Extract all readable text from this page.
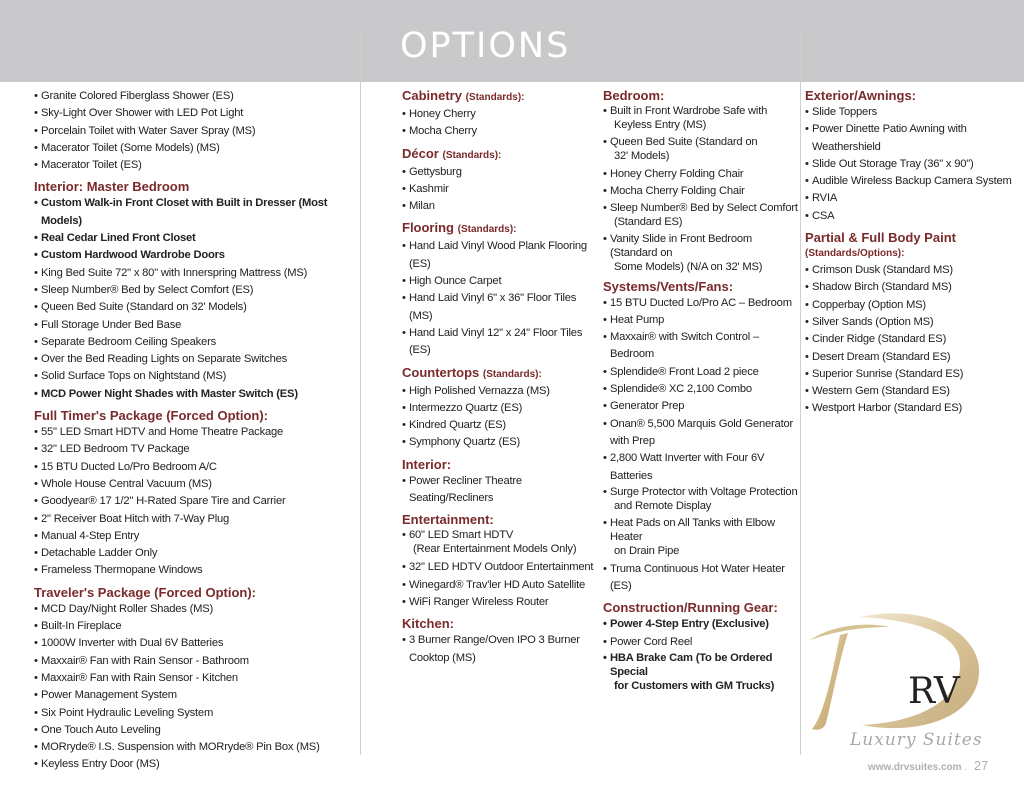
OPTIONS
• Granite Colored Fiberglass Shower (ES)
• Sky-Light Over Shower with LED Pot Light
• Porcelain Toilet with Water Saver Spray (MS)
• Macerator Toilet (Some Models) (MS)
• Macerator Toilet (ES)
Interior: Master Bedroom
• Custom Walk-in Front Closet with Built in Dresser (Most Models)
• Real Cedar Lined Front Closet
• Custom Hardwood Wardrobe Doors
• King Bed Suite 72" x 80" with Innerspring Mattress (MS)
• Sleep Number® Bed by Select Comfort (ES)
• Queen Bed Suite (Standard on 32' Models)
• Full Storage Under Bed Base
• Separate Bedroom Ceiling Speakers
• Over the Bed Reading Lights on Separate Switches
• Solid Surface Tops on Nightstand (MS)
• MCD Power Night Shades with Master Switch (ES)
Full Timer's Package (Forced Option):
• 55" LED Smart HDTV and Home Theatre Package
• 32" LED Bedroom TV Package
• 15 BTU Ducted Lo/Pro Bedroom A/C
• Whole House Central Vacuum (MS)
• Goodyear® 17 1/2" H-Rated Spare Tire and Carrier
• 2" Receiver Boat Hitch with 7-Way Plug
• Manual 4-Step Entry
• Detachable Ladder Only
• Frameless Thermopane Windows
Traveler's Package (Forced Option):
• MCD Day/Night Roller Shades (MS)
• Built-In Fireplace
• 1000W Inverter with Dual 6V Batteries
• Maxxair® Fan with Rain Sensor - Bathroom
• Maxxair® Fan with Rain Sensor - Kitchen
• Power Management System
• Six Point Hydraulic Leveling System
• One Touch Auto Leveling
• MORryde® I.S. Suspension with MORryde® Pin Box (MS)
• Keyless Entry Door (MS)
Cabinetry (Standards):
• Honey Cherry
• Mocha Cherry
Décor (Standards):
• Gettysburg
• Kashmir
• Milan
Flooring (Standards):
• Hand Laid Vinyl Wood Plank Flooring (ES)
• High Ounce Carpet
• Hand Laid Vinyl 6" x 36" Floor Tiles (MS)
• Hand Laid Vinyl 12" x 24" Floor Tiles (ES)
Countertops (Standards):
• High Polished Vernazza (MS)
• Intermezzo Quartz (ES)
• Kindred Quartz (ES)
• Symphony Quartz (ES)
Interior:
• Power Recliner Theatre Seating/Recliners
Entertainment:
• 60" LED Smart HDTV
(Rear Entertainment Models Only)
• 32" LED HDTV Outdoor Entertainment
• Winegard® Trav'ler HD Auto Satellite
• WiFi Ranger Wireless Router
Kitchen:
• 3 Burner Range/Oven IPO 3 Burner Cooktop (MS)
Bedroom:
• Built in Front Wardrobe Safe with
Keyless Entry (MS)
• Queen Bed Suite (Standard on
32' Models)
• Honey Cherry Folding Chair
• Mocha Cherry Folding Chair
• Sleep Number® Bed by Select Comfort
(Standard ES)
• Vanity Slide in Front Bedroom (Standard on
Some Models) (N/A on 32' MS)
Systems/Vents/Fans:
• 15 BTU Ducted Lo/Pro AC – Bedroom
• Heat Pump
• Maxxair® with Switch Control – Bedroom
• Splendide® Front Load 2 piece
• Splendide® XC 2,100 Combo
• Generator Prep
• Onan® 5,500 Marquis Gold Generator with Prep
• 2,800 Watt Inverter with Four 6V Batteries
• Surge Protector with Voltage Protection
and Remote Display
• Heat Pads on All Tanks with Elbow Heater
on Drain Pipe
• Truma Continuous Hot Water Heater (ES)
Construction/Running Gear:
• Power 4-Step Entry (Exclusive)
• Power Cord Reel
• HBA Brake Cam (To be Ordered Special
for Customers with GM Trucks)
Exterior/Awnings:
• Slide Toppers
• Power Dinette Patio Awning with Weathershield
• Slide Out Storage Tray (36" x 90")
• Audible Wireless Backup Camera System
• RVIA
• CSA
Partial & Full Body Paint
(Standards/Options):
• Crimson Dusk (Standard MS)
• Shadow Birch (Standard MS)
• Copperbay (Option MS)
• Silver Sands (Option MS)
• Cinder Ridge (Standard ES)
• Desert Dream (Standard ES)
• Superior Sunrise (Standard ES)
• Western Gem (Standard ES)
• Westport Harbor (Standard ES)
RV
Luxury Suites
www.drvsuites.com . 27
